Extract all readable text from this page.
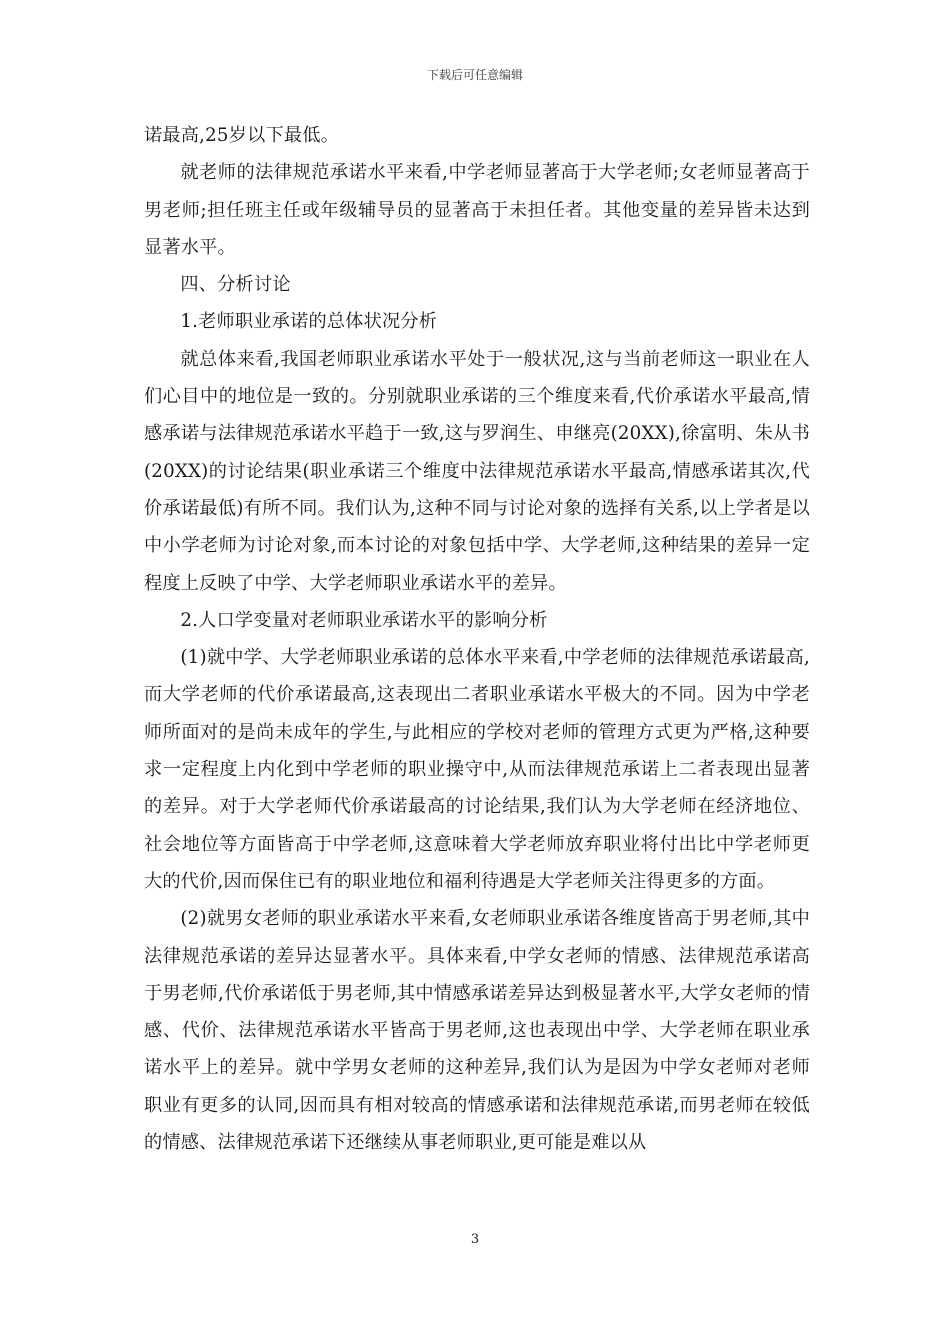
下载后可任意编辑

诺最高,25岁以下最低。

就老师的法律规范承诺水平来看,中学老师显著高于大学老师;女老师显著高于男老师;担任班主任或年级辅导员的显著高于未担任者。其他变量的差异皆未达到显著水平。

四、分析讨论

1.老师职业承诺的总体状况分析

就总体来看,我国老师职业承诺水平处于一般状况,这与当前老师这一职业在人们心目中的地位是一致的。分别就职业承诺的三个维度来看,代价承诺水平最高,情感承诺与法律规范承诺水平趋于一致,这与罗润生、申继亮(20XX),徐富明、朱从书(20XX)的讨论结果(职业承诺三个维度中法律规范承诺水平最高,情感承诺其次,代价承诺最低)有所不同。我们认为,这种不同与讨论对象的选择有关系,以上学者是以中小学老师为讨论对象,而本讨论的对象包括中学、大学老师,这种结果的差异一定程度上反映了中学、大学老师职业承诺水平的差异。

2.人口学变量对老师职业承诺水平的影响分析

(1)就中学、大学老师职业承诺的总体水平来看,中学老师的法律规范承诺最高,而大学老师的代价承诺最高,这表现出二者职业承诺水平极大的不同。因为中学老师所面对的是尚未成年的学生,与此相应的学校对老师的管理方式更为严格,这种要求一定程度上内化到中学老师的职业操守中,从而法律规范承诺上二者表现出显著的差异。对于大学老师代价承诺最高的讨论结果,我们认为大学老师在经济地位、社会地位等方面皆高于中学老师,这意味着大学老师放弃职业将付出比中学老师更大的代价,因而保住已有的职业地位和福利待遇是大学老师关注得更多的方面。

(2)就男女老师的职业承诺水平来看,女老师职业承诺各维度皆高于男老师,其中法律规范承诺的差异达显著水平。具体来看,中学女老师的情感、法律规范承诺高于男老师,代价承诺低于男老师,其中情感承诺差异达到极显著水平,大学女老师的情感、代价、法律规范承诺水平皆高于男老师,这也表现出中学、大学老师在职业承诺水平上的差异。就中学男女老师的这种差异,我们认为是因为中学女老师对老师职业有更多的认同,因而具有相对较高的情感承诺和法律规范承诺,而男老师在较低的情感、法律规范承诺下还继续从事老师职业,更可能是难以从

3
